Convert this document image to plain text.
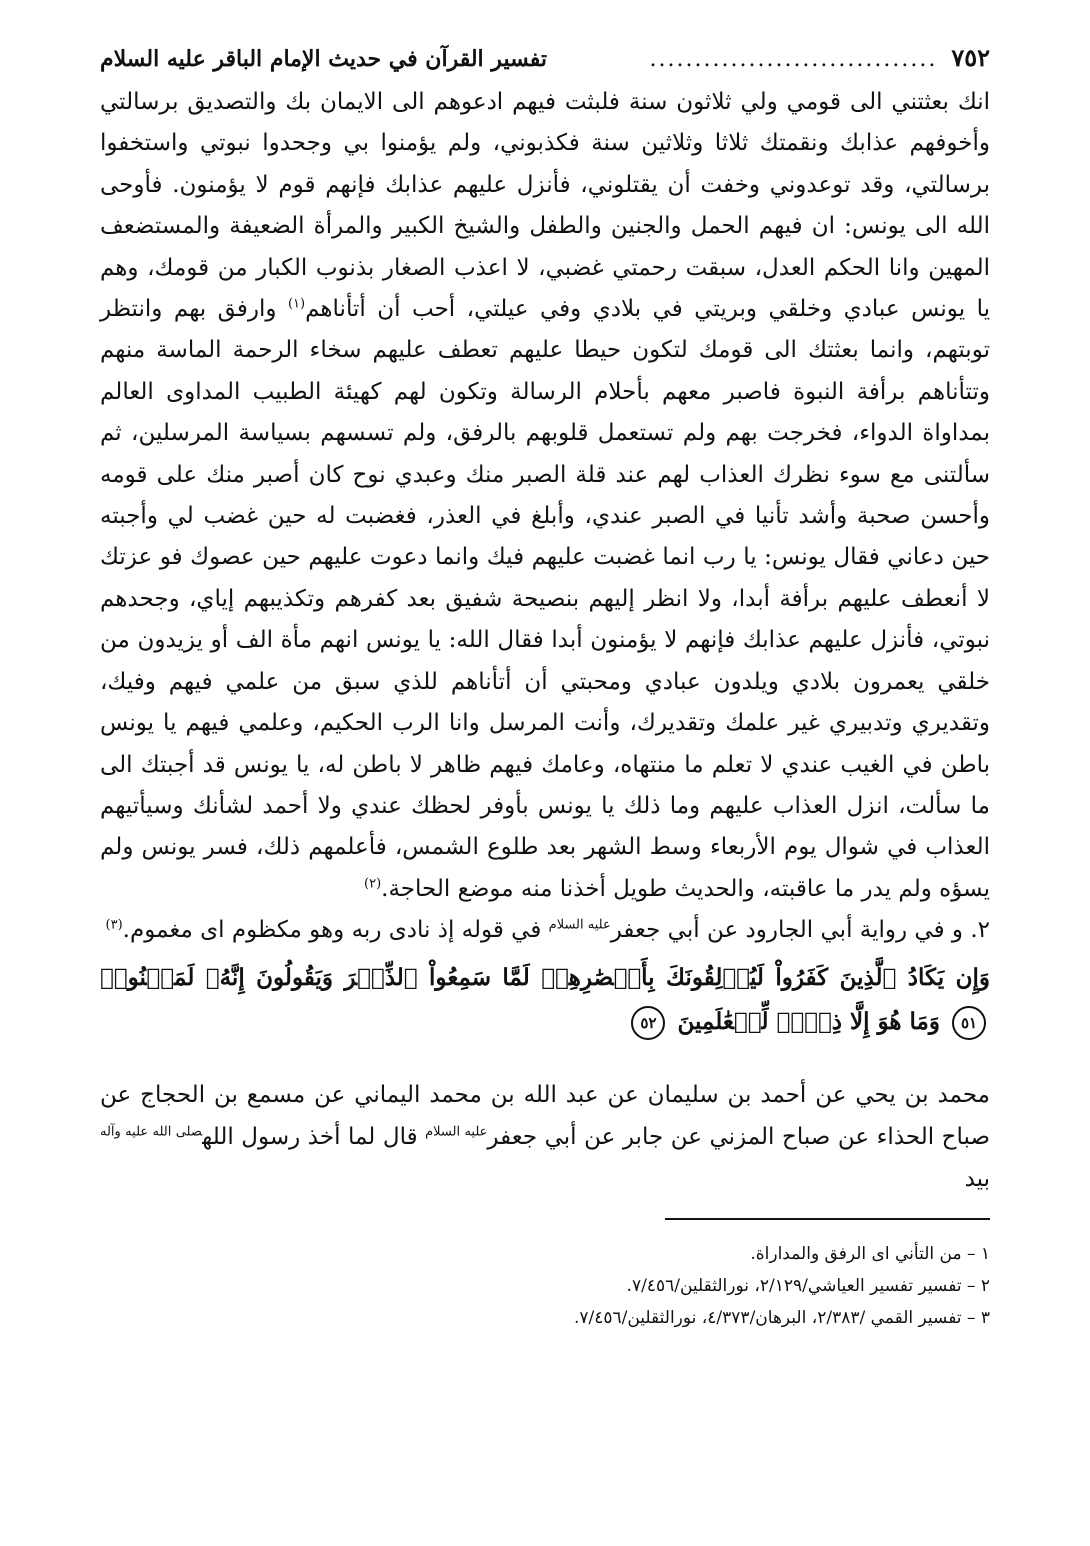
٧٥٢
................................
تفسير القرآن في حديث الإمام الباقر عليه السلام

انك بعثتني الى قومي ولي ثلاثون سنة فلبثت فيهم ادعوهم الى الايمان بك والتصديق برسالتي وأخوفهم عذابك ونقمتك ثلاثا وثلاثين سنة فكذبوني، ولم يؤمنوا بي وجحدوا نبوتي واستخفوا برسالتي، وقد توعدوني وخفت أن يقتلوني، فأنزل عليهم عذابك فإنهم قوم لا يؤمنون. فأوحى الله الى يونس: ان فيهم الحمل والجنين والطفل والشيخ الكبير والمرأة الضعيفة والمستضعف المهين وانا الحكم العدل، سبقت رحمتي غضبي، لا اعذب الصغار بذنوب الكبار من قومك، وهم يا يونس عبادي وخلقي وبريتي في بلادي وفي عيلتي، أحب أن أتأناهم$^{(١)}$ وارفق بهم وانتظر توبتهم، وانما بعثتك الى قومك لتكون حيطا عليهم تعطف عليهم سخاء الرحمة الماسة منهم وتتأناهم برأفة النبوة فاصبر معهم بأحلام الرسالة وتكون لهم كهيئة الطبيب المداوى العالم بمداواة الدواء، فخرجت بهم ولم تستعمل قلوبهم بالرفق، ولم تسسهم بسياسة المرسلين، ثم سألتنى مع سوء نظرك العذاب لهم عند قلة الصبر منك وعبدي نوح كان أصبر منك على قومه وأحسن صحبة وأشد تأنيا في الصبر عندي، وأبلغ في العذر، فغضبت له حين غضب لي وأجبته حين دعاني فقال يونس: يا رب انما غضبت عليهم فيك وانما دعوت عليهم حين عصوك فو عزتك لا أنعطف عليهم برأفة أبدا، ولا انظر إليهم بنصيحة شفيق بعد كفرهم وتكذيبهم إياي، وجحدهم نبوتي، فأنزل عليهم عذابك فإنهم لا يؤمنون أبدا فقال الله: يا يونس انهم مأة الف أو يزيدون من خلقي يعمرون بلادي ويلدون عبادي ومحبتي أن أتأناهم للذي سبق من علمي فيهم وفيك، وتقديري وتدبيري غير علمك وتقديرك، وأنت المرسل وانا الرب الحكيم، وعلمي فيهم يا يونس باطن في الغيب عندي لا تعلم ما منتهاه، وعامك فيهم ظاهر لا باطن له، يا يونس قد أجبتك الى ما سألت، انزل العذاب عليهم وما ذلك يا يونس بأوفر لحظك عندي ولا أحمد لشأنك وسيأتيهم العذاب في شوال يوم الأربعاء وسط الشهر بعد طلوع الشمس، فأعلمهم ذلك، فسر يونس ولم يسؤه ولم يدر ما عاقبته، والحديث طويل أخذنا منه موضع الحاجة.$^{(٢)}$

٢. و في رواية أبي الجارود عن أبي جعفر$^{عليه السلام}$ في قوله إذ نادى ربه وهو مكظوم اى مغموم.$^{(٣)}$

وَإِن يَكَادُ ٱلَّذِينَ كَفَرُواْ لَيُزۡلِقُونَكَ بِأَبۡصَٰرِهِمۡ لَمَّا سَمِعُواْ ٱلذِّكۡرَ وَيَقُولُونَ إِنَّهُۥ لَمَجۡنُونٞ ٥١ وَمَا هُوَ إِلَّا ذِكۡرٞ لِّلۡعَٰلَمِينَ ٥٢
محمد بن يحي عن أحمد بن سليمان عن عبد الله بن محمد اليماني عن مسمع بن الحجاج عن صباح الحذاء عن صباح المزني عن جابر عن أبي جعفر$^{عليه السلام}$ قال لما أخذ رسول الله$^{صلى الله عليه وآله}$ بيد
١ – من التأني اى الرفق والمداراة.
٢ – تفسير تفسير العياشي/٢/١٢٩، نورالثقلين/٧/٤٥٦.
٣ – تفسير القمي /٢/٣٨٣، البرهان/٤/٣٧٣، نورالثقلين/٧/٤٥٦.
